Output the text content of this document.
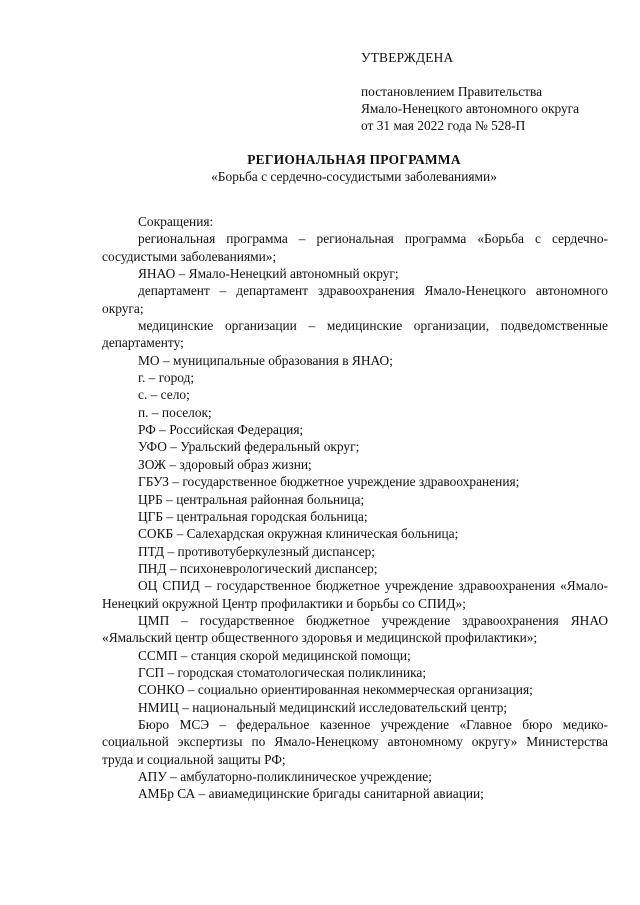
УТВЕРЖДЕНА
постановлением Правительства
Ямало-Ненецкого автономного округа
от 31 мая 2022 года № 528-П
РЕГИОНАЛЬНАЯ ПРОГРАММА
«Борьба с сердечно-сосудистыми заболеваниями»
Сокращения:
региональная программа – региональная программа «Борьба с сердечно-сосудистыми заболеваниями»;
ЯНАО – Ямало-Ненецкий автономный округ;
департамент – департамент здравоохранения Ямало-Ненецкого автономного округа;
медицинские организации – медицинские организации, подведомственные департаменту;
МО – муниципальные образования в ЯНАО;
г. – город;
с. – село;
п. – поселок;
РФ – Российская Федерация;
УФО – Уральский федеральный округ;
ЗОЖ – здоровый образ жизни;
ГБУЗ – государственное бюджетное учреждение здравоохранения;
ЦРБ – центральная районная больница;
ЦГБ – центральная городская больница;
СОКБ – Салехардская окружная клиническая больница;
ПТД – противотуберкулезный диспансер;
ПНД – психоневрологический диспансер;
ОЦ СПИД – государственное бюджетное учреждение здравоохранения «Ямало-Ненецкий окружной Центр профилактики и борьбы со СПИД»;
ЦМП – государственное бюджетное учреждение здравоохранения ЯНАО «Ямальский центр общественного здоровья и медицинской профилактики»;
ССМП – станция скорой медицинской помощи;
ГСП – городская стоматологическая поликлиника;
СОНКО – социально ориентированная некоммерческая организация;
НМИЦ – национальный медицинский исследовательский центр;
Бюро МСЭ – федеральное казенное учреждение «Главное бюро медико-социальной экспертизы по Ямало-Ненецкому автономному округу» Министерства труда и социальной защиты РФ;
АПУ – амбулаторно-поликлиническое учреждение;
АМБр СА – авиамедицинские бригады санитарной авиации;
